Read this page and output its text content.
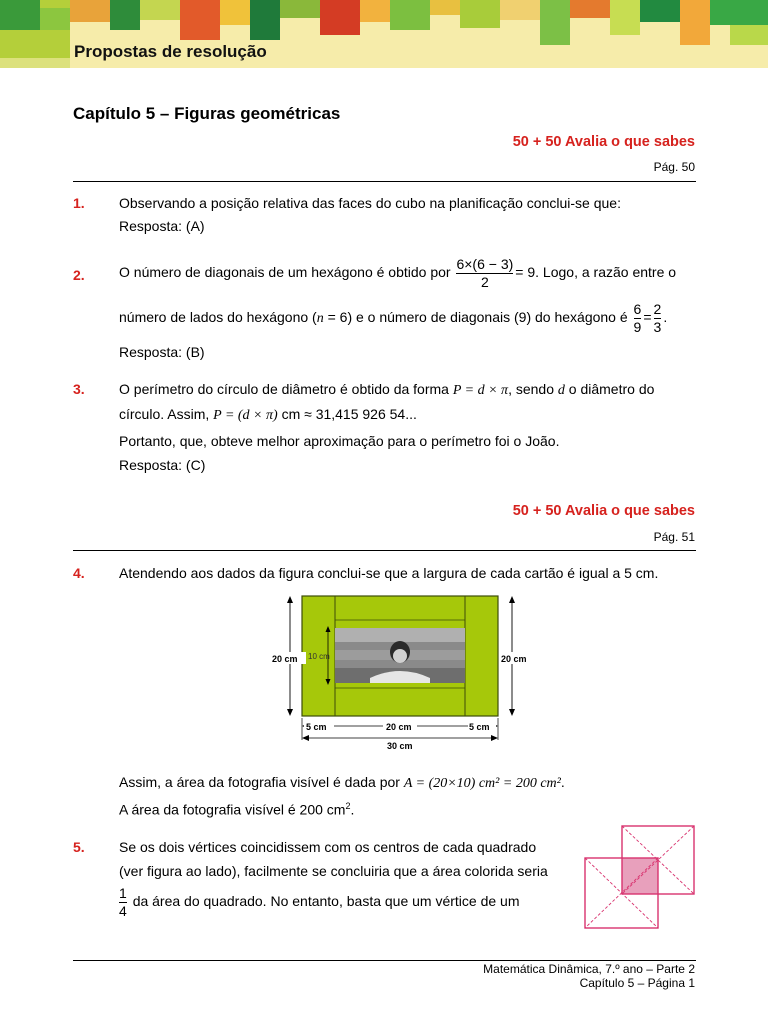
Propostas de resolução
Capítulo 5 – Figuras geométricas
50 + 50 Avalia o que sabes
Pág. 50
1. Observando a posição relativa das faces do cubo na planificação conclui-se que:
Resposta: (A)
2. O número de diagonais de um hexágono é obtido por $\frac{6\times(6 - 3)}{2} = 9$. Logo, a razão entre o
número de lados do hexágono (n = 6) e o número de diagonais (9) do hexágono é $\frac{6}{9} = \frac{2}{3}$ .
Resposta: (B)
3. O perímetro do círculo de diâmetro é obtido da forma P = d × π, sendo d o diâmetro do
círculo. Assim, P = (d × π) cm ≈ 31,415 926 54...
Portanto, que, obteve melhor aproximação para o perímetro foi o João.
Resposta: (C)
50 + 50 Avalia o que sabes
Pág. 51
4. Atendendo aos dados da figura conclui-se que a largura de cada cartão é igual a 5 cm.
20 cm	20 cm
10 cm
5 cm	20 cm	5 cm
30 cm
Assim, a área da fotografia visível é dada por A = (20×10) cm² = 200 cm².
A área da fotografia visível é 200 $cm^2$.
5. Se os dois vértices coincidissem com os centros de cada quadrado
(ver figura ao lado), facilmente se concluiria que a área colorida seria
$\frac{1}{4}$ da área do quadrado. No entanto, basta que um vértice de um
Matemática Dinâmica, 7.º ano – Parte 2
Capítulo 5 – Página 1
